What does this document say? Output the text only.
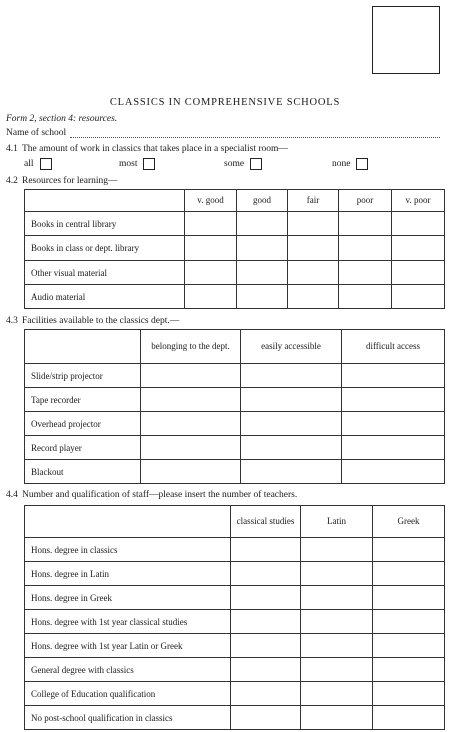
CLASSICS IN COMPREHENSIVE SCHOOLS
Form 2, section 4: resources.
Name of school
4.1 The amount of work in classics that takes place in a specialist room—
all	most	some	none
4.2 Resources for learning—
	v. good	good	fair	poor	v. poor
Books in central library					
Books in class or dept. library					
Other visual material					
Audio material					
4.3 Facilities available to the classics dept.—
	belonging to the dept.	easily accessible	difficult access
Slide/strip projector			
Tape recorder			
Overhead projector			
Record player			
Blackout			
4.4 Number and qualification of staff—please insert the number of teachers.
	classical studies	Latin	Greek
Hons. degree in classics			
Hons. degree in Latin			
Hons. degree in Greek			
Hons. degree with 1st year classical studies			
Hons. degree with 1st year Latin or Greek			
General degree with classics			
College of Education qualification			
No post-school qualification in classics			
